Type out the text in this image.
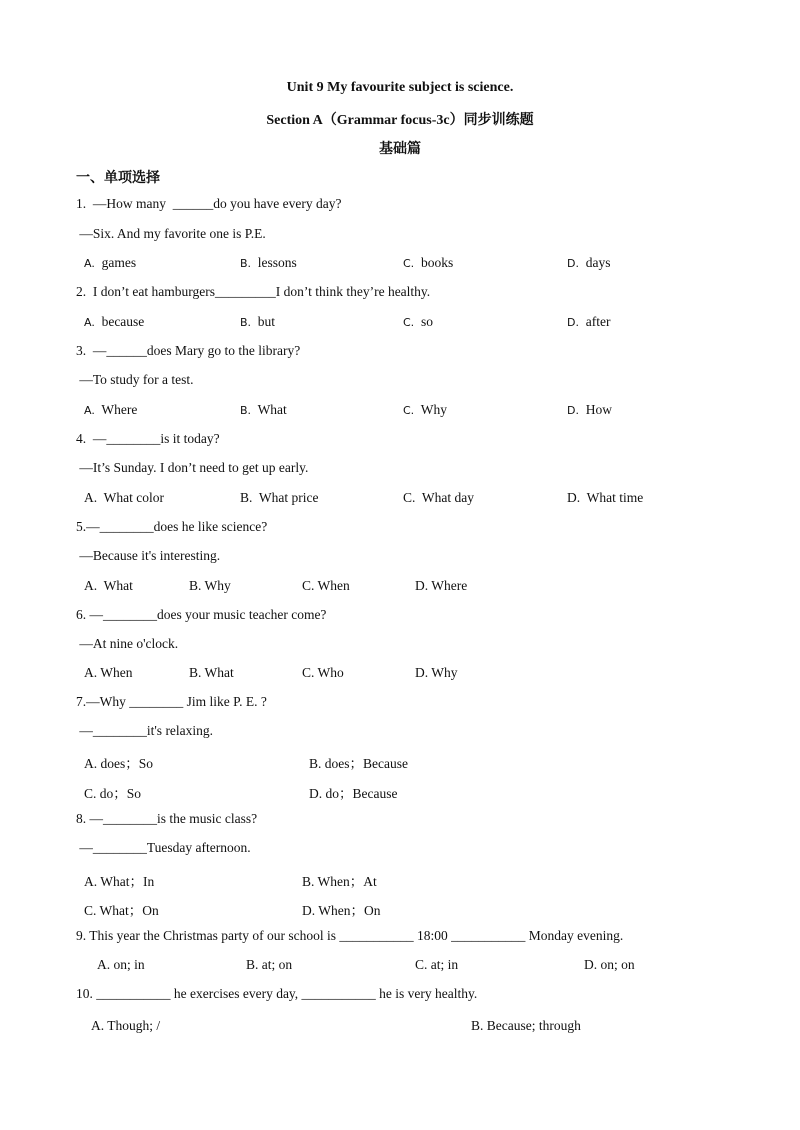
Unit 9 My favourite subject is science.
Section A（Grammar focus-3c）同步训练题
基础篇
一、单项选择
1.  —How many  ______do you have every day?
—Six. And my favorite one is P.E.
A. games	B. lessons	C. books	D. days
2.  I don’t eat hamburgers_________I don’t think they’re healthy.
A. because	B. but	C. so	D. after
3.  —______does Mary go to the library?
—To study for a test.
A. Where	B. What	C. Why	D. How
4.  —________is it today?
—It’s Sunday. I don’t need to get up early.
A. What color	B. What price	C. What day	D. What time
5.—________does he like science?
—Because it's interesting.
A. What	B. Why	C. When	D. Where
6. —________does your music teacher come?
—At nine o'clock.
A. When	B. What	C. Who	D. Why
7.—Why ________ Jim like P. E. ?
—________it's relaxing.
A. does；So	B. does；Because
C. do；So	D. do；Because
8. —________is the music class?
—________Tuesday afternoon.
A. What；In	B. When；At
C. What；On	D. When；On
9. This year the Christmas party of our school is ___________ 18:00 ___________ Monday evening.
A. on; in	B. at; on	C. at; in	D. on; on
10. ___________ he exercises every day, ___________ he is very healthy.
A. Though; /	B. Because; through
